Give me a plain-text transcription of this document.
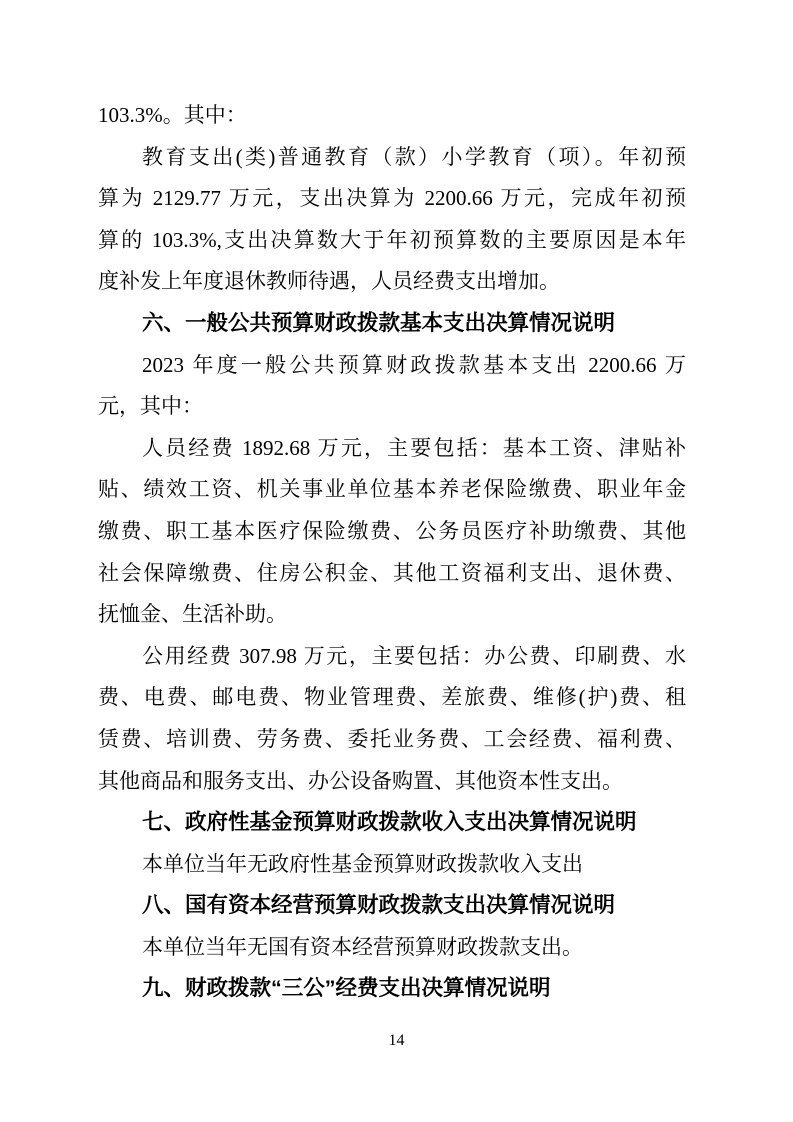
103.3%。其中：
教育支出(类)普通教育（款）小学教育（项）。年初预
算为 2129.77 万元，支出决算为 2200.66 万元，完成年初预
算的 103.3%,支出决算数大于年初预算数的主要原因是本年
度补发上年度退休教师待遇，人员经费支出增加。
六、一般公共预算财政拨款基本支出决算情况说明
2023 年度一般公共预算财政拨款基本支出 2200.66 万
元，其中：
人员经费 1892.68 万元，主要包括：基本工资、津贴补
贴、绩效工资、机关事业单位基本养老保险缴费、职业年金
缴费、职工基本医疗保险缴费、公务员医疗补助缴费、其他
社会保障缴费、住房公积金、其他工资福利支出、退休费、
抚恤金、生活补助。
公用经费 307.98 万元，主要包括：办公费、印刷费、水
费、电费、邮电费、物业管理费、差旅费、维修(护)费、租
赁费、培训费、劳务费、委托业务费、工会经费、福利费、
其他商品和服务支出、办公设备购置、其他资本性支出。
七、政府性基金预算财政拨款收入支出决算情况说明
本单位当年无政府性基金预算财政拨款收入支出
八、国有资本经营预算财政拨款支出决算情况说明
本单位当年无国有资本经营预算财政拨款支出。
九、财政拨款“三公”经费支出决算情况说明
14
